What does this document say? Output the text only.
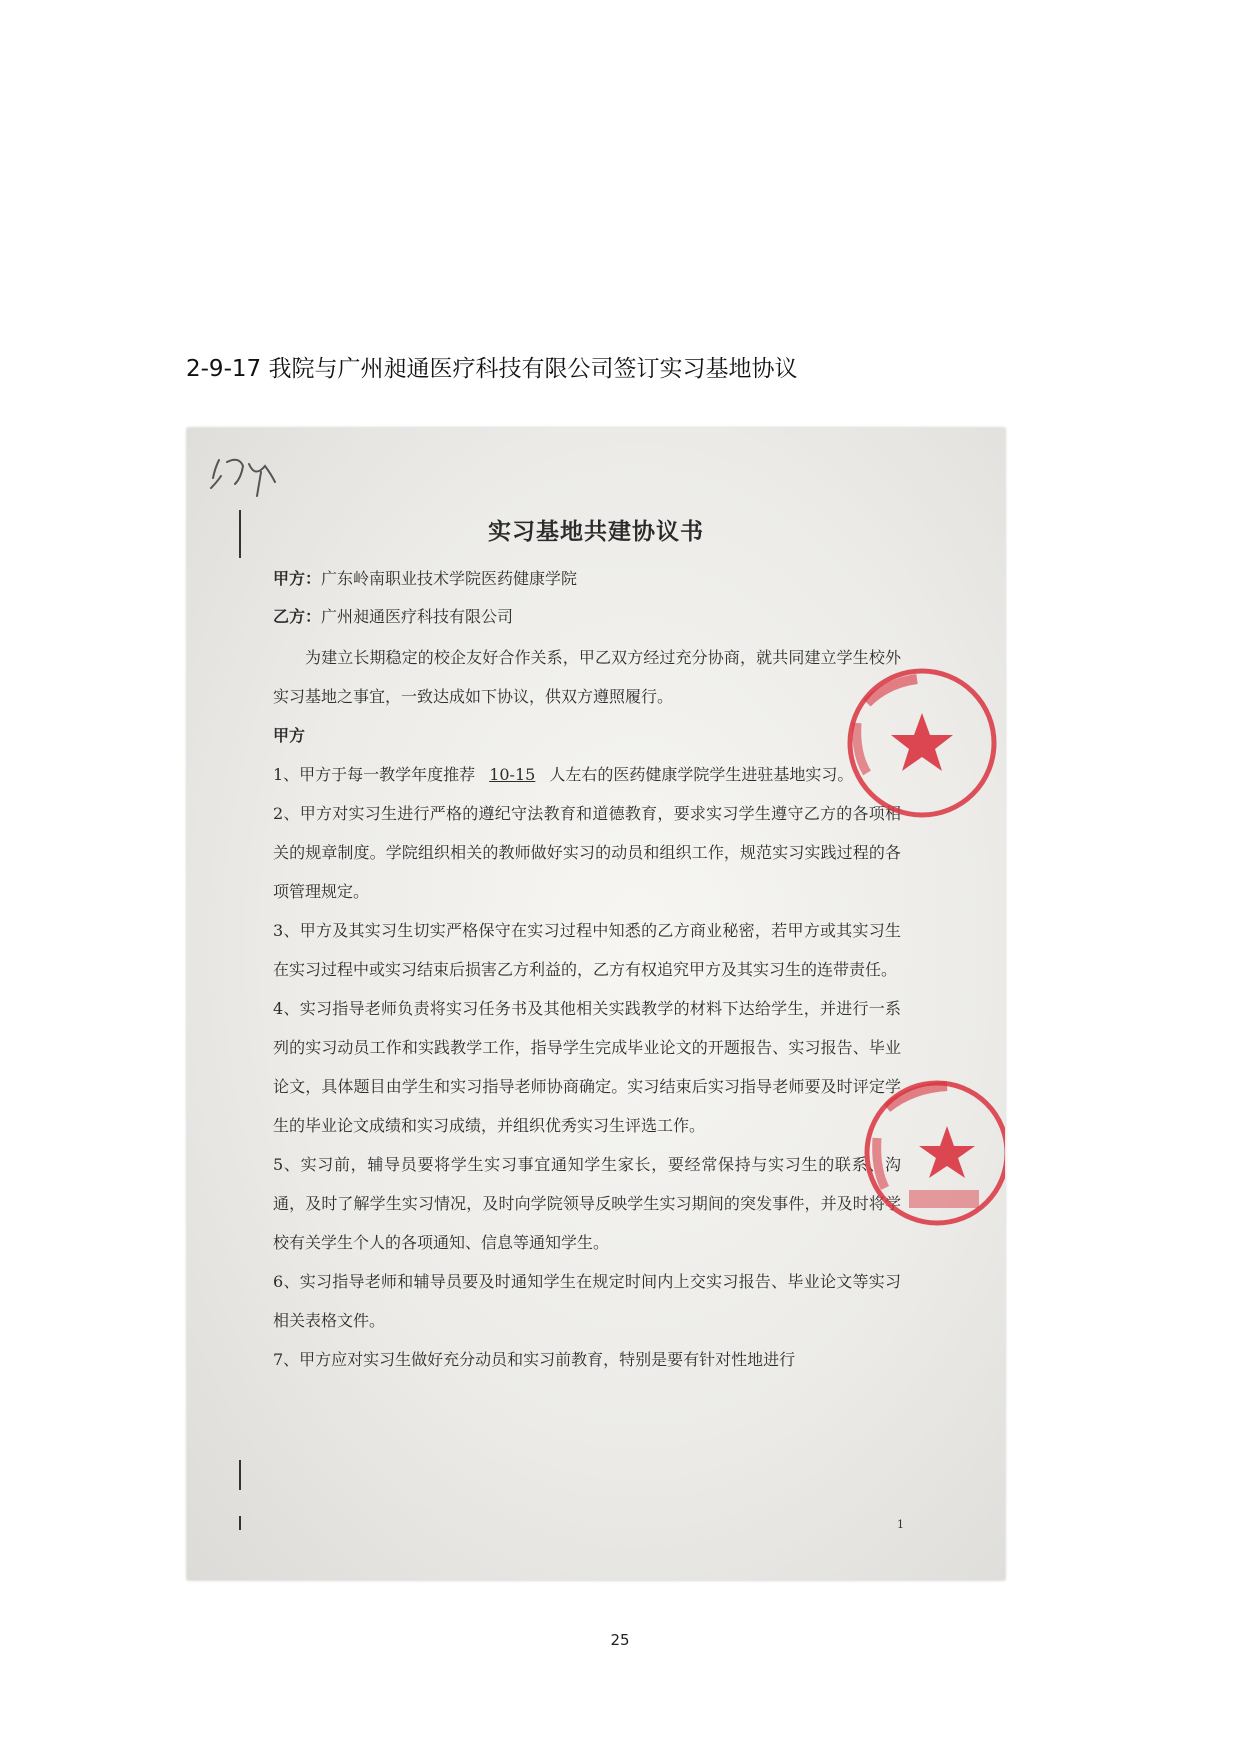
2-9-17 我院与广州昶通医疗科技有限公司签订实习基地协议
实习基地共建协议书
甲方：广东岭南职业技术学院医药健康学院
乙方：广州昶通医疗科技有限公司

为建立长期稳定的校企友好合作关系，甲乙双方经过充分协商，就共同建立学生校外实习基地之事宜，一致达成如下协议，供双方遵照履行。

甲方

1、甲方于每一教学年度推荐 10-15 人左右的医药健康学院学生进驻基地实习。

2、甲方对实习生进行严格的遵纪守法教育和道德教育，要求实习学生遵守乙方的各项相关的规章制度。学院组织相关的教师做好实习的动员和组织工作，规范实习实践过程的各项管理规定。

3、甲方及其实习生切实严格保守在实习过程中知悉的乙方商业秘密，若甲方或其实习生在实习过程中或实习结束后损害乙方利益的，乙方有权追究甲方及其实习生的连带责任。

4、实习指导老师负责将实习任务书及其他相关实践教学的材料下达给学生，并进行一系列的实习动员工作和实践教学工作，指导学生完成毕业论文的开题报告、实习报告、毕业论文，具体题目由学生和实习指导老师协商确定。实习结束后实习指导老师要及时评定学生的毕业论文成绩和实习成绩，并组织优秀实习生评选工作。

5、实习前，辅导员要将学生实习事宜通知学生家长，要经常保持与实习生的联系、沟通，及时了解学生实习情况，及时向学院领导反映学生实习期间的突发事件，并及时将学校有关学生个人的各项通知、信息等通知学生。

6、实习指导老师和辅导员要及时通知学生在规定时间内上交实习报告、毕业论文等实习相关表格文件。

7、甲方应对实习生做好充分动员和实习前教育，特别是要有针对性地进行

1
25
